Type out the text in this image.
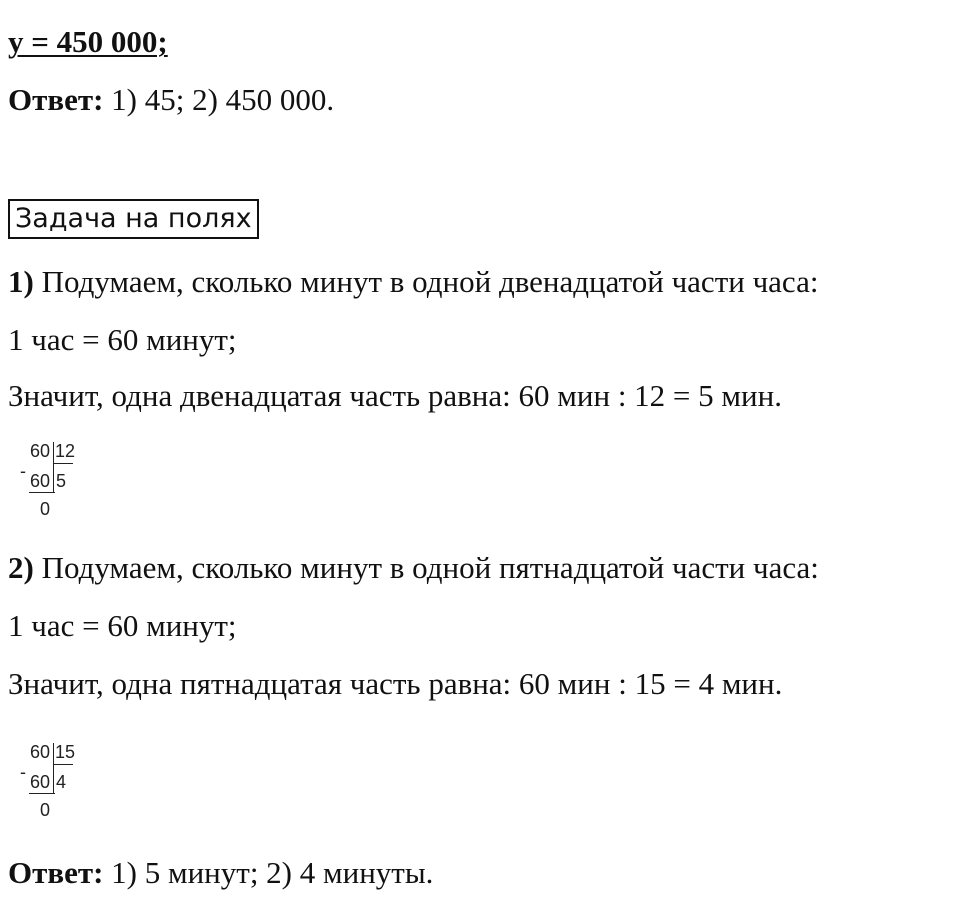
y = 450 000;
Ответ: 1) 45; 2) 450 000.
Задача на полях
1) Подумаем, сколько минут в одной двенадцатой части часа:
1 час = 60 минут;
Значит, одна двенадцатая часть равна: 60 мин : 12 = 5 мин.
60 12
- 60 5
0
2) Подумаем, сколько минут в одной пятнадцатой части часа:
1 час = 60 минут;
Значит, одна пятнадцатая часть равна: 60 мин : 15 = 4 мин.
60 15
- 60 4
0
Ответ: 1) 5 минут; 2) 4 минуты.
